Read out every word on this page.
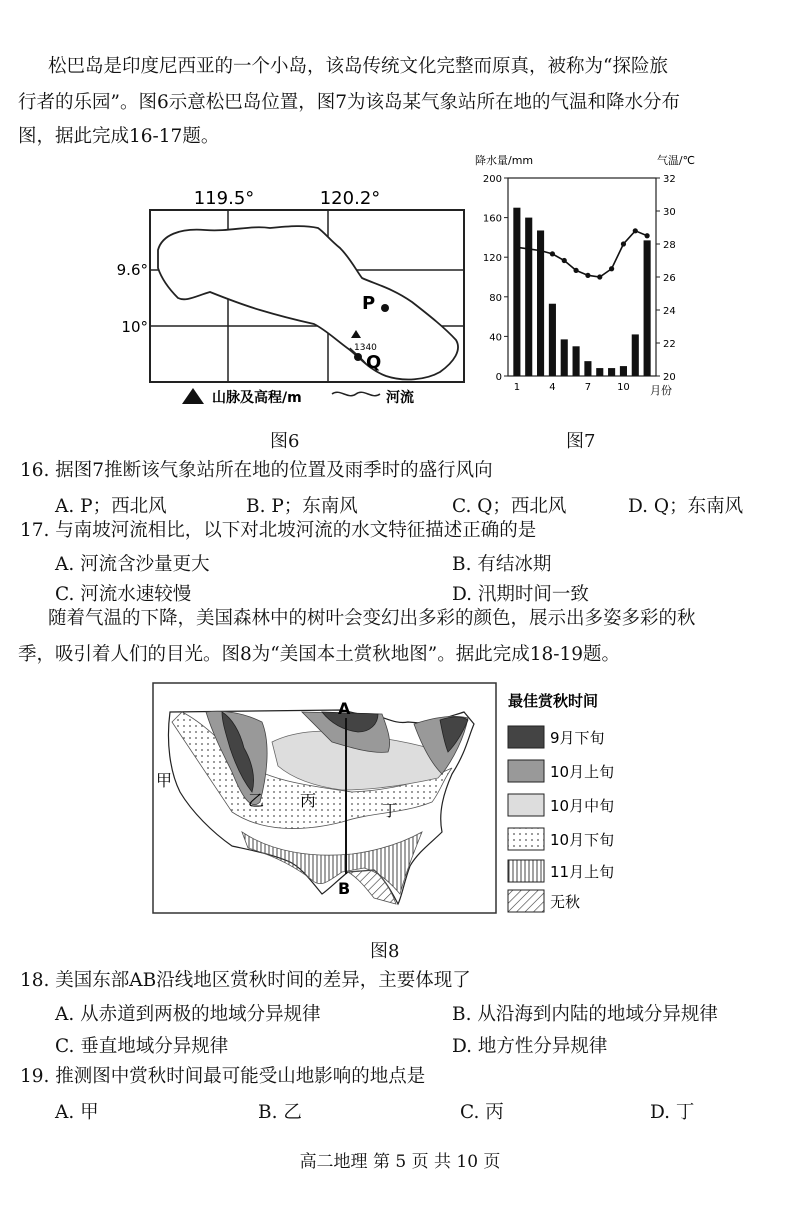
松巴岛是印度尼西亚的一个小岛，该岛传统文化完整而原真，被称为“探险旅
行者的乐园”。图6示意松巴岛位置，图7为该岛某气象站所在地的气温和降水分布
图，据此完成16-17题。
119.5°	120.2°
9.6°
10°
P
1340
Q
山脉及高程/m	河流
图6
降水量/mm	气温/℃
0
40
80
120
160
200
20
22
24
26
28
30
32
1	4	7	10 月份
图7
16. 据图7推断该气象站所在地的位置及雨季时的盛行风向
A. P；西北风	B. P；东南风	C. Q；西北风	D. Q；东南风
17. 与南坡河流相比，以下对北坡河流的水文特征描述正确的是
A. 河流含沙量更大	B. 有结冰期
C. 河流水速较慢	D. 汛期时间一致
随着气温的下降，美国森林中的树叶会变幻出多彩的颜色，展示出多姿多彩的秋
季，吸引着人们的目光。图8为“美国本土赏秋地图”。据此完成18-19题。
A
B
甲
乙 丙
丁
最佳赏秋时间
9月下旬
10月上旬
10月中旬
10月下旬
11月上旬
无秋
图8
18. 美国东部AB沿线地区赏秋时间的差异，主要体现了
A. 从赤道到两极的地域分异规律	B. 从沿海到内陆的地域分异规律
C. 垂直地域分异规律	D. 地方性分异规律
19. 推测图中赏秋时间最可能受山地影响的地点是
A. 甲	B. 乙	C. 丙	D. 丁
高二地理 第 5 页 共 10 页
